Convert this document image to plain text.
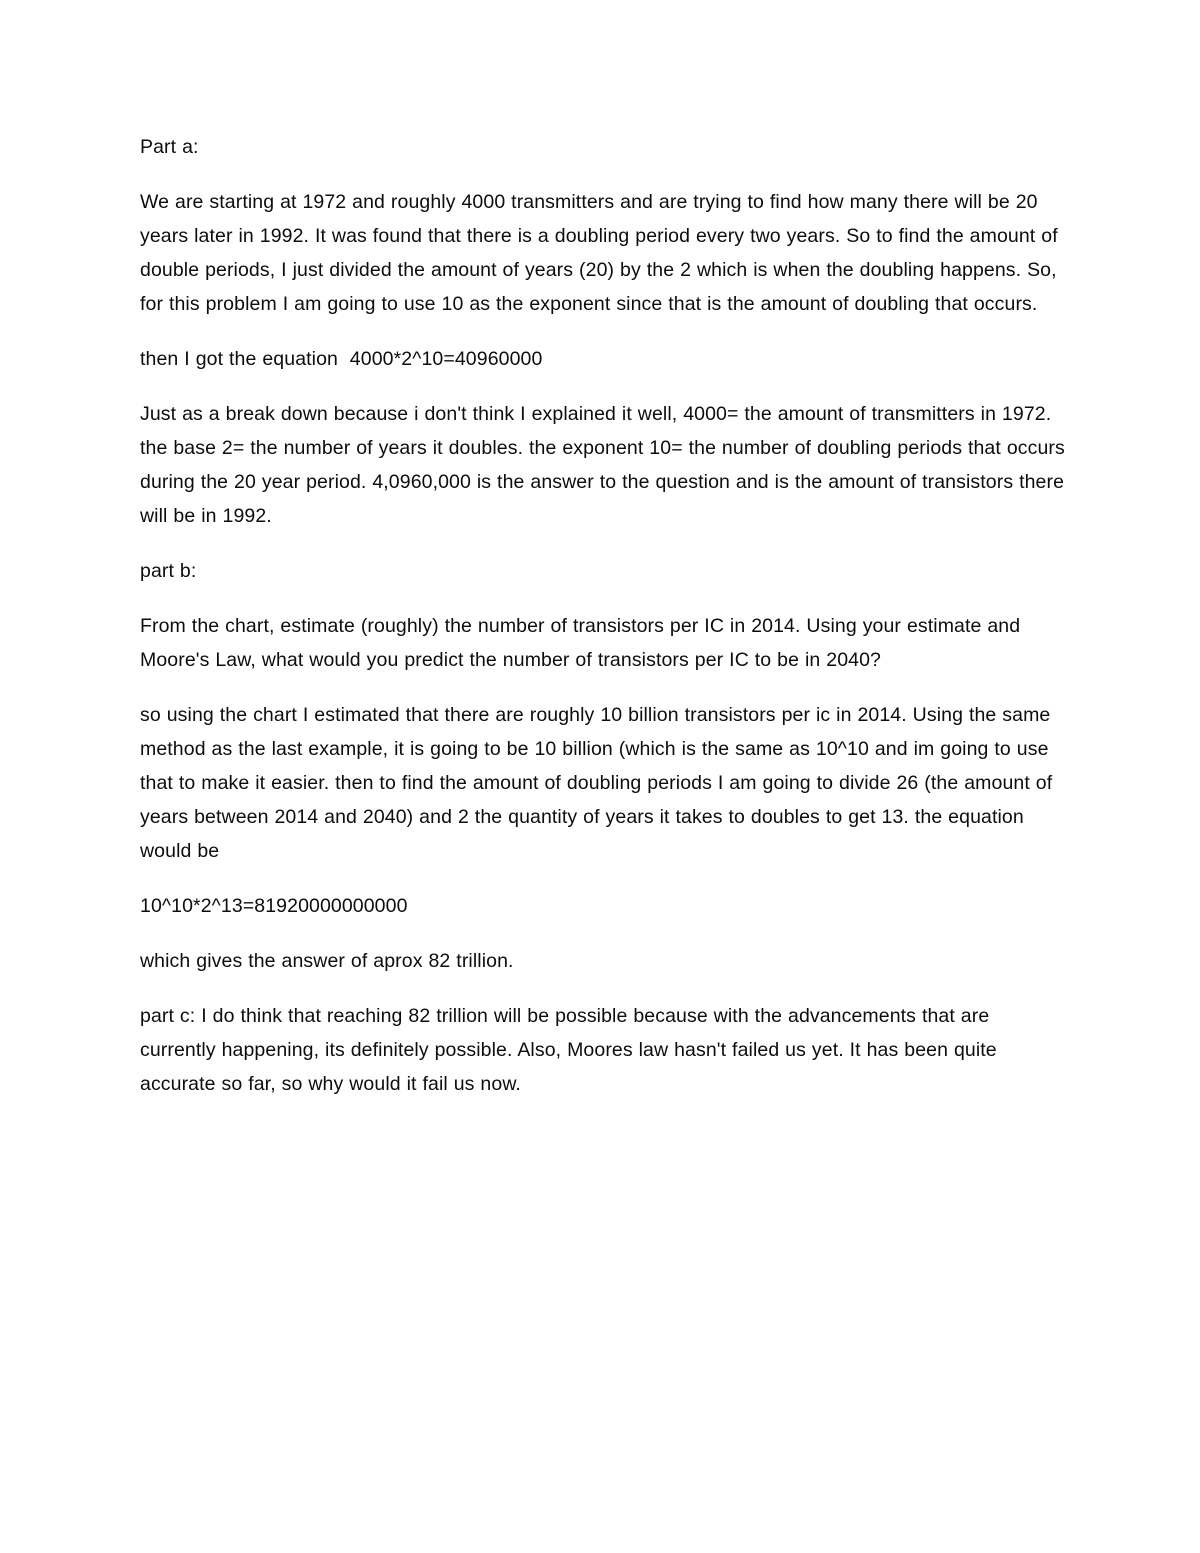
Part a:

We are starting at 1972 and roughly 4000 transmitters and are trying to find how many there will be 20 years later in 1992. It was found that there is a doubling period every two years. So to find the amount of double periods, I just divided the amount of years (20) by the 2 which is when the doubling happens. So, for this problem I am going to use 10 as the exponent since that is the amount of doubling that occurs.

then I got the equation  4000*2^10=40960000

Just as a break down because i don't think I explained it well, 4000= the amount of transmitters in 1972. the base 2= the number of years it doubles. the exponent 10= the number of doubling periods that occurs during the 20 year period. 4,0960,000 is the answer to the question and is the amount of transistors there will be in 1992.

part b:

From the chart, estimate (roughly) the number of transistors per IC in 2014. Using your estimate and Moore's Law, what would you predict the number of transistors per IC to be in 2040?

so using the chart I estimated that there are roughly 10 billion transistors per ic in 2014. Using the same method as the last example, it is going to be 10 billion (which is the same as 10^10 and im going to use that to make it easier. then to find the amount of doubling periods I am going to divide 26 (the amount of years between 2014 and 2040) and 2 the quantity of years it takes to doubles to get 13. the equation would be

10^10*2^13=81920000000000

which gives the answer of aprox 82 trillion.

part c: I do think that reaching 82 trillion will be possible because with the advancements that are currently happening, its definitely possible. Also, Moores law hasn't failed us yet. It has been quite accurate so far, so why would it fail us now.
